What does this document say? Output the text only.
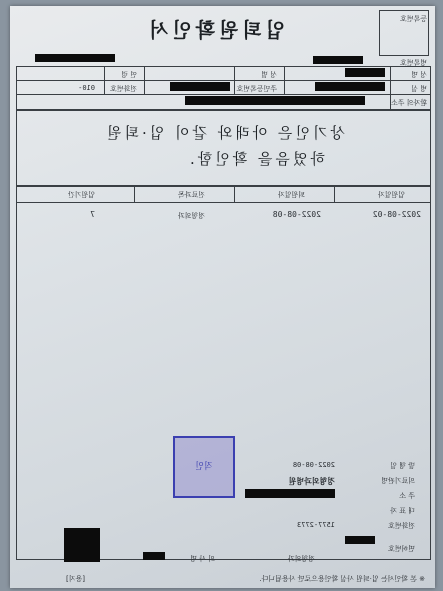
등록번호
입퇴원확인서
병록번호
성 명
성 별
연 령
병 실
주민등록번호
전화번호
010-
환자의 주소
상기인은 아래와 같이 입·퇴원
하였음을 확인함.
입원일자
퇴원일자
진료과목
입원기간
2022-08-02
2022-08-08
정형외과
7
발 행 일
2022-08-08
의료기관명
정형외과병원
주 소
대 표 자
전화번호
1577-2773
직인
면허번호
정형외과
의 사 명
※ 본 확인서는 입·퇴원 사실 확인용으로만 사용됩니다.
[용지]
